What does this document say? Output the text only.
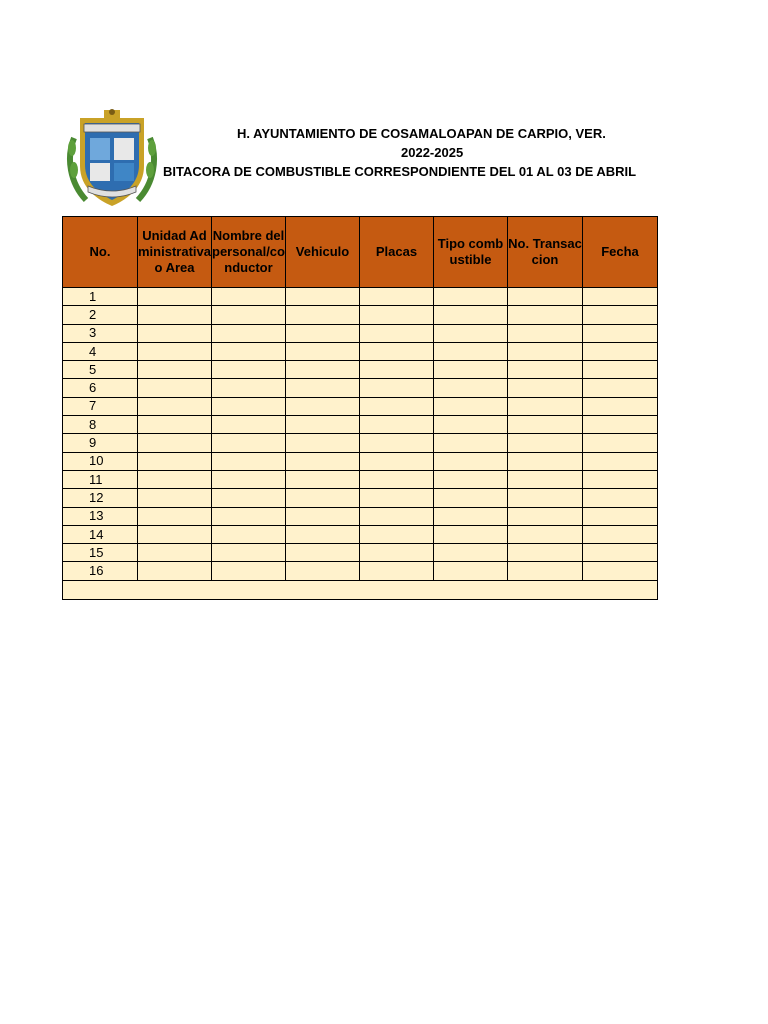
H. AYUNTAMIENTO DE COSAMALOAPAN DE CARPIO, VER.
2022-2025
BITACORA DE COMBUSTIBLE CORRESPONDIENTE DEL 01 AL 03 DE ABRIL
No.	Unidad Administrativa o Area	Nombre del personal/conductor	Vehiculo	Placas	Tipo combustible	No. Transaccion	Fecha
1							
2							
3							
4							
5							
6							
7							
8							
9							
10							
11							
12							
13							
14							
15							
16							
